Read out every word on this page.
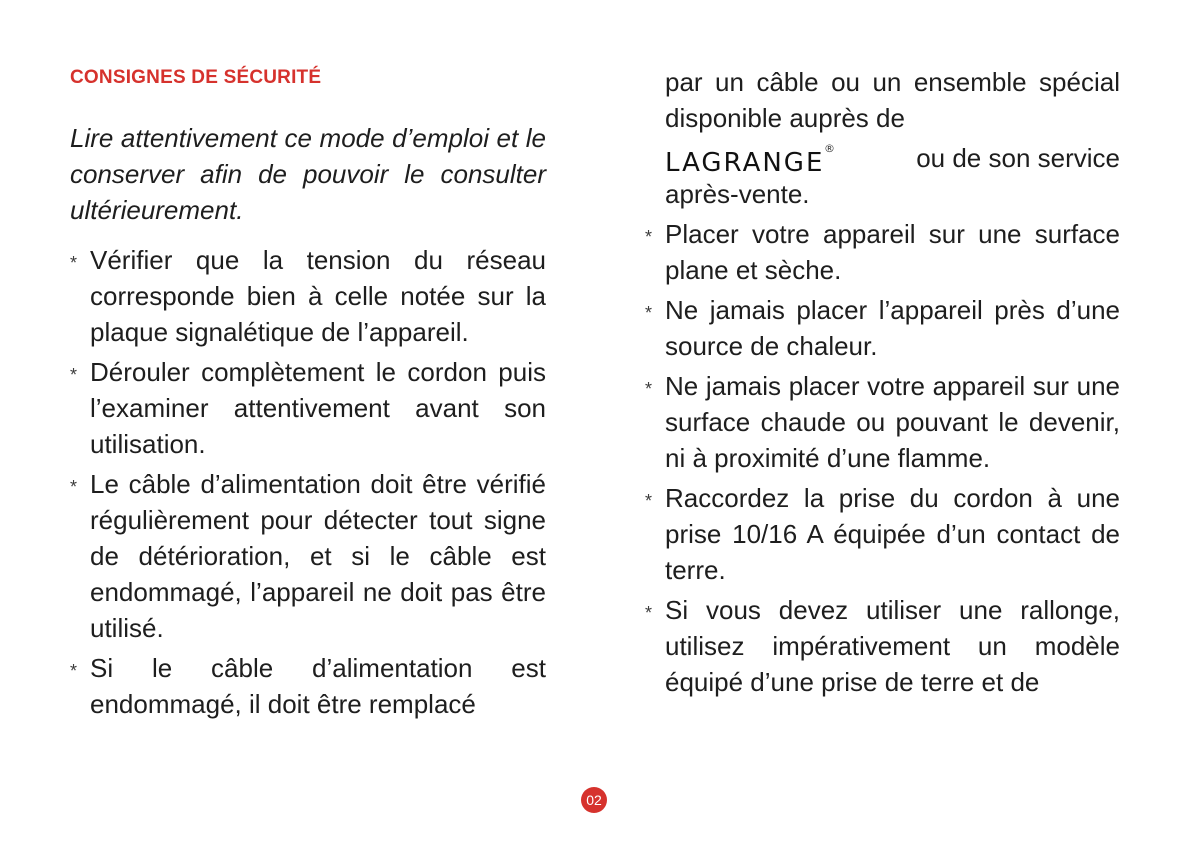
CONSIGNES DE SÉCURITÉ

Lire attentivement ce mode d’emploi et le conserver afin de pouvoir le consulter ultérieurement.

* Vérifier que la tension du réseau corresponde bien à celle notée sur la plaque signalétique de l’appareil.
* Dérouler complètement le cordon puis l’examiner attentivement avant son utilisation.
* Le câble d’alimentation doit être vérifié régulièrement pour détecter tout signe de détérioration, et si le câble est endommagé, l’appareil ne doit pas être utilisé.
* Si le câble d’alimentation est endommagé, il doit être remplacé
par un câble ou un ensemble spécial disponible auprès de
LAGRANGE ®	ou de son service
après-vente.
* Placer votre appareil sur une surface plane et sèche.
* Ne jamais placer l’appareil près d’une source de chaleur.
* Ne jamais placer votre appareil sur une surface chaude ou pouvant le devenir, ni à proximité d’une flamme.
* Raccordez la prise du cordon à une prise 10/16 A équipée d’un contact de terre.
* Si vous devez utiliser une rallonge, utilisez impérativement un modèle équipé d’une prise de terre et de
02
